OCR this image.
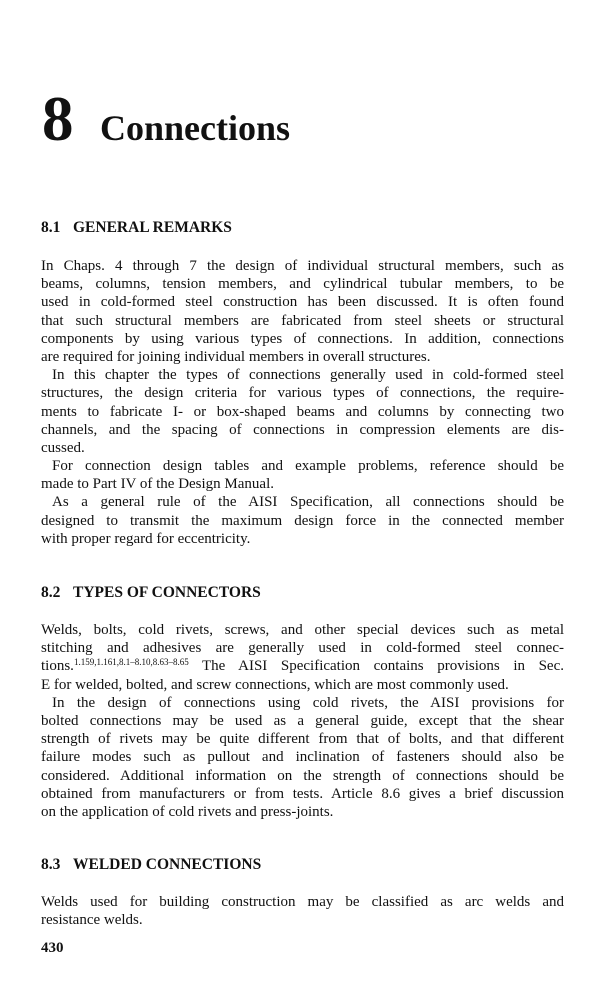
8 Connections
8.1 GENERAL REMARKS
In Chaps. 4 through 7 the design of individual structural members, such as
beams, columns, tension members, and cylindrical tubular members, to be
used in cold-formed steel construction has been discussed. It is often found
that such structural members are fabricated from steel sheets or structural
components by using various types of connections. In addition, connections
are required for joining individual members in overall structures.
In this chapter the types of connections generally used in cold-formed steel
structures, the design criteria for various types of connections, the require-
ments to fabricate I- or box-shaped beams and columns by connecting two
channels, and the spacing of connections in compression elements are dis-
cussed.
For connection design tables and example problems, reference should be
made to Part IV of the Design Manual.
As a general rule of the AISI Specification, all connections should be
designed to transmit the maximum design force in the connected member
with proper regard for eccentricity.
8.2 TYPES OF CONNECTORS
Welds, bolts, cold rivets, screws, and other special devices such as metal
stitching and adhesives are generally used in cold-formed steel connec-
tions.$^{1.159,1.161,8.1-8.10,8.63-8.65}$ The AISI Specification contains provisions in Sec.
E for welded, bolted, and screw connections, which are most commonly used.
In the design of connections using cold rivets, the AISI provisions for
bolted connections may be used as a general guide, except that the shear
strength of rivets may be quite different from that of bolts, and that different
failure modes such as pullout and inclination of fasteners should also be
considered. Additional information on the strength of connections should be
obtained from manufacturers or from tests. Article 8.6 gives a brief discussion
on the application of cold rivets and press-joints.
8.3 WELDED CONNECTIONS
Welds used for building construction may be classified as arc welds and
resistance welds.
430
